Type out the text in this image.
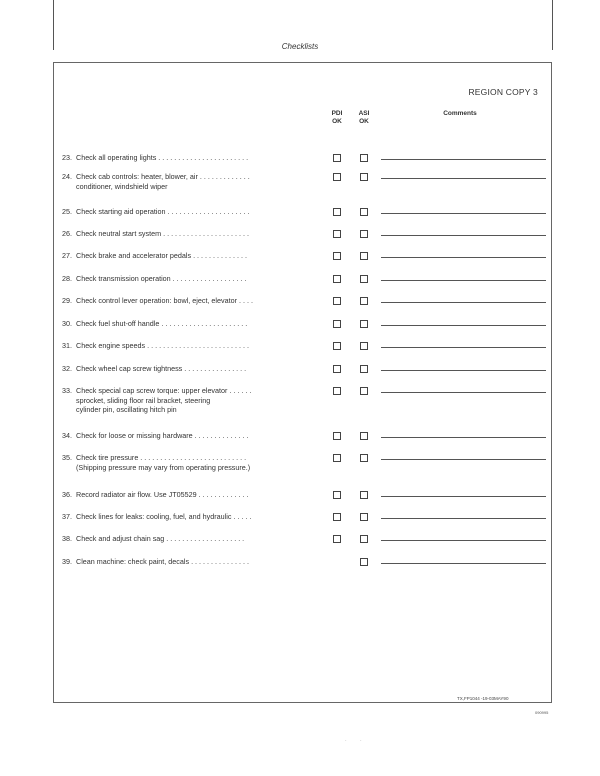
Checklists
REGION COPY 3
PDI
OK
ASI
OK
Comments
23. Check all operating lights . . . . . . . . . . . . . . . . . . . . . . .
24. Check cab controls: heater, blower, air . . . . . . . . . . . . .
conditioner, windshield wiper
25. Check starting aid operation . . . . . . . . . . . . . . . . . . . . .
26. Check neutral start system . . . . . . . . . . . . . . . . . . . . . .
27. Check brake and accelerator pedals . . . . . . . . . . . . . .
28. Check transmission operation . . . . . . . . . . . . . . . . . . .
29. Check control lever operation: bowl, eject, elevator . . . .
30. Check fuel shut-off handle . . . . . . . . . . . . . . . . . . . . . .
31. Check engine speeds . . . . . . . . . . . . . . . . . . . . . . . . . .
32. Check wheel cap screw tightness . . . . . . . . . . . . . . . .
33. Check special cap screw torque: upper elevator . . . . . .
sprocket, sliding floor rail bracket, steering
cylinder pin, oscillating hitch pin
34. Check for loose or missing hardware . . . . . . . . . . . . . .
35. Check tire pressure . . . . . . . . . . . . . . . . . . . . . . . . . . .
(Shipping pressure may vary from operating pressure.)
36. Record radiator air flow. Use JT05529 . . . . . . . . . . . . .
37. Check lines for leaks: cooling, fuel, and hydraulic . . . . .
38. Check and adjust chain sag . . . . . . . . . . . . . . . . . . . .
39. Clean machine: check paint, decals . . . . . . . . . . . . . . .
TX,FP1044 -19-03MAY90
090995
· ·
